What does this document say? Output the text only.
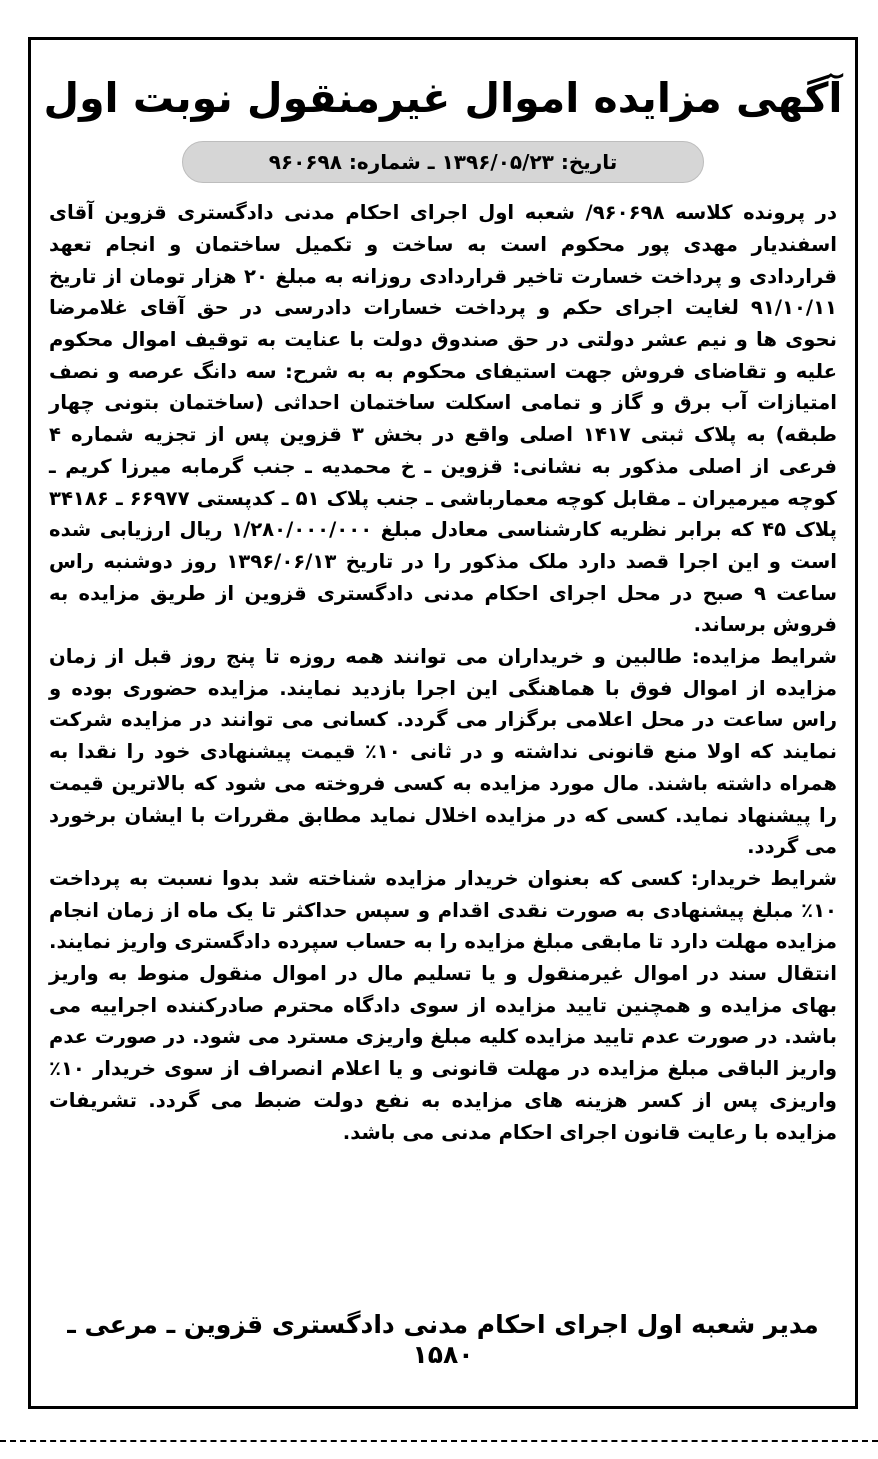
آگهی مزایده اموال غیرمنقول نوبت اول
تاریخ: ۱۳۹۶/۰۵/۲۳ ـ شماره: ۹۶۰۶۹۸

در پرونده کلاسه ۹۶۰۶۹۸/ شعبه اول اجرای احکام مدنی دادگستری قزوین آقای اسفندیار مهدی پور محکوم است به ساخت و تکمیل ساختمان و انجام تعهد قراردادی و پرداخت خسارت تاخیر قراردادی روزانه به مبلغ ۲۰ هزار تومان از تاریخ ۹۱/۱۰/۱۱ لغایت اجرای حکم و پرداخت خسارات دادرسی در حق آقای غلامرضا نحوی ها و نیم عشر دولتی در حق صندوق دولت با عنایت به توقیف اموال محکوم علیه و تقاضای فروش جهت استیفای محکوم به به شرح: سه دانگ عرصه و نصف امتیازات آب برق و گاز و تمامی اسکلت ساختمان احداثی (ساختمان بتونی چهار طبقه) به پلاک ثبتی ۱۴۱۷ اصلی واقع در بخش ۳ قزوین پس از تجزیه شماره ۴ فرعی از اصلی مذکور به نشانی: قزوین ـ خ محمدیه ـ جنب گرمابه میرزا کریم ـ کوچه میرمیران ـ مقابل کوچه معمارباشی ـ جنب پلاک ۵۱ ـ کدپستی ۶۶۹۷۷ ـ ۳۴۱۸۶ پلاک ۴۵ که برابر نظریه کارشناسی معادل مبلغ ۱/۲۸۰/۰۰۰/۰۰۰ ریال ارزیابی شده است و این اجرا قصد دارد ملک مذکور را در تاریخ ۱۳۹۶/۰۶/۱۳ روز دوشنبه راس ساعت ۹ صبح در محل اجرای احکام مدنی دادگستری قزوین از طریق مزایده به فروش برساند.

شرایط مزایده: طالبین و خریداران می توانند همه روزه تا پنج روز قبل از زمان مزایده از اموال فوق با هماهنگی این اجرا بازدید نمایند. مزایده حضوری بوده و راس ساعت در محل اعلامی برگزار می گردد. کسانی می توانند در مزایده شرکت نمایند که اولا منع قانونی نداشته و در ثانی ۱۰٪ قیمت پیشنهادی خود را نقدا به همراه داشته باشند. مال مورد مزایده به کسی فروخته می شود که بالاترین قیمت را پیشنهاد نماید. کسی که در مزایده اخلال نماید مطابق مقررات با ایشان برخورد می گردد.

شرایط خریدار: کسی که بعنوان خریدار مزایده شناخته شد بدوا نسبت به پرداخت ۱۰٪ مبلغ پیشنهادی به صورت نقدی اقدام و سپس حداکثر تا یک ماه از زمان انجام مزایده مهلت دارد تا مابقی مبلغ مزایده را به حساب سپرده دادگستری واریز نمایند. انتقال سند در اموال غیرمنقول و یا تسلیم مال در اموال منقول منوط به واریز بهای مزایده و همچنین تایید مزایده از سوی دادگاه محترم صادرکننده اجراییه می باشد. در صورت عدم تایید مزایده کلیه مبلغ واریزی مسترد می شود. در صورت عدم واریز الباقی مبلغ مزایده در مهلت قانونی و یا اعلام انصراف از سوی خریدار ۱۰٪ واریزی پس از کسر هزینه های مزایده به نفع دولت ضبط می گردد. تشریفات مزایده با رعایت قانون اجرای احکام مدنی می باشد.

مدیر شعبه اول اجرای احکام مدنی دادگستری قزوین ـ مرعی ـ ۱۵۸۰
